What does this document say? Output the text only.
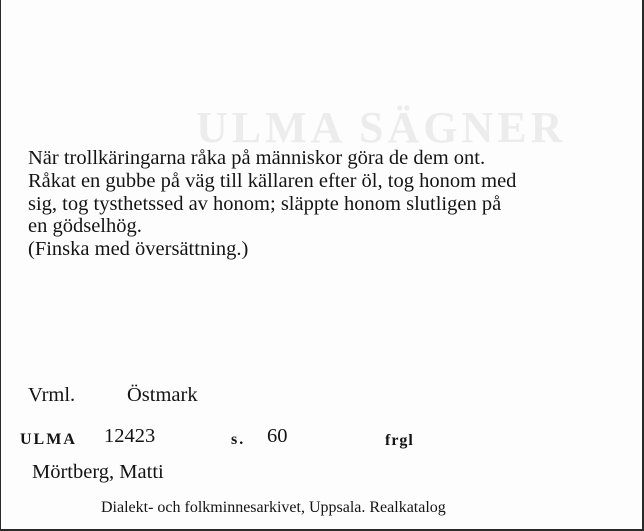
ULMA SÄGNER
När trollkäringarna råka på människor göra de dem ont.
Råkat en gubbe på väg till källaren efter öl, tog honom med
sig, tog tysthetssed av honom; släppte honom slutligen på
en gödselhög.
(Finska med översättning.)
Vrml.	Östmark
ULMA 12423	s. 60	frgl
Mörtberg, Matti
Dialekt- och folkminnesarkivet, Uppsala. Realkatalog
